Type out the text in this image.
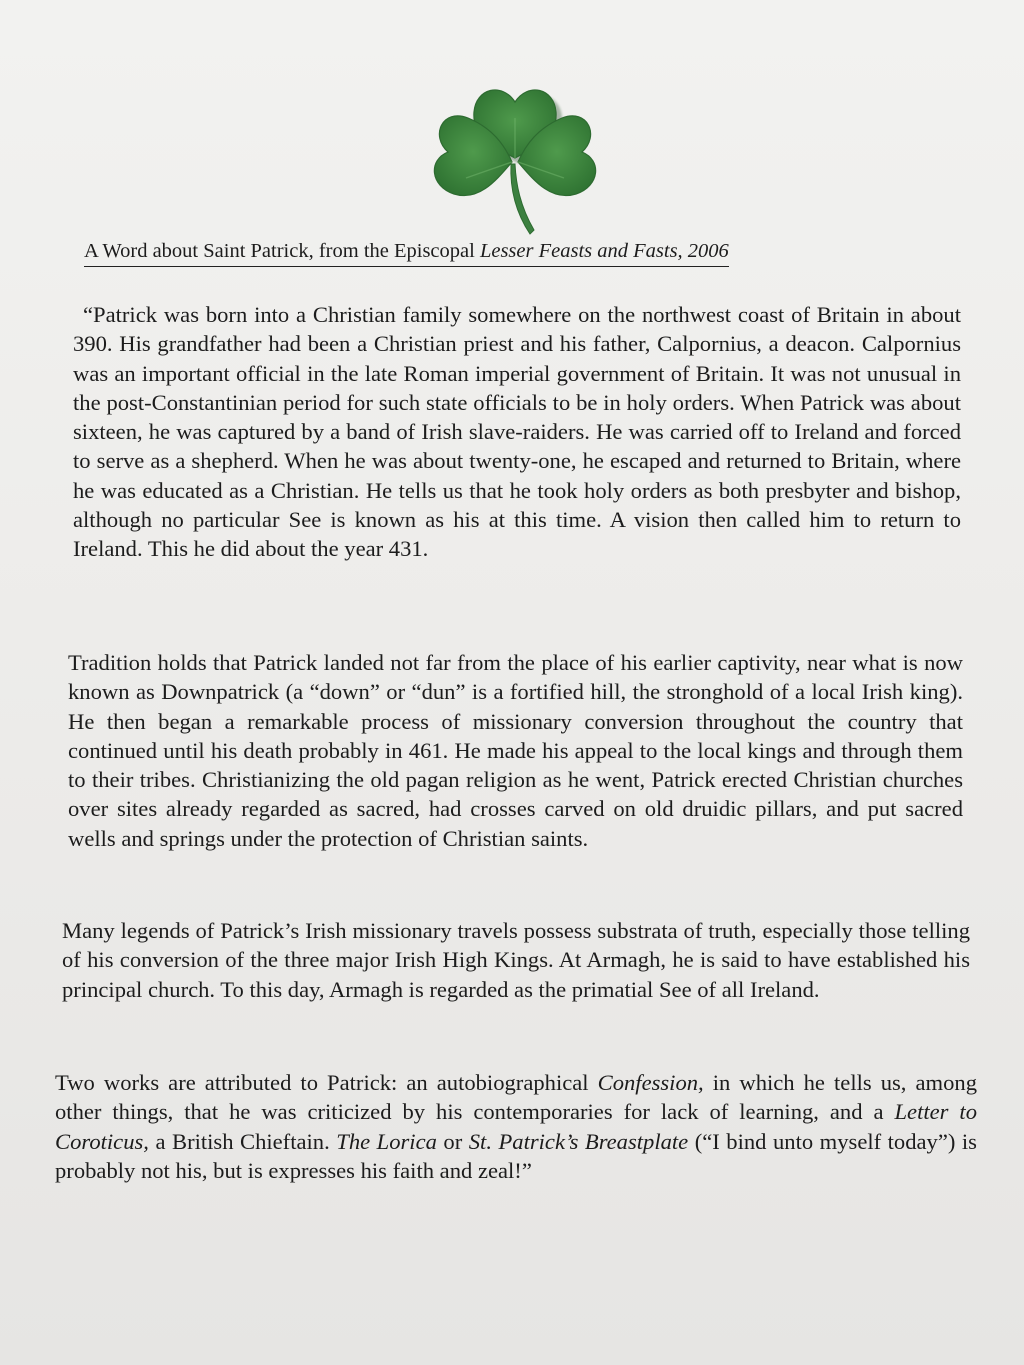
A Word about Saint Patrick, from the Episcopal Lesser Feasts and Fasts, 2006
“Patrick was born into a Christian family somewhere on the northwest coast of Britain in about 390. His grandfather had been a Christian priest and his father, Calpornius, a deacon. Calpornius was an important official in the late Roman imperial government of Britain. It was not unusual in the post-Constantinian period for such state officials to be in holy orders. When Patrick was about sixteen, he was captured by a band of Irish slave-raiders. He was carried off to Ireland and forced to serve as a shepherd. When he was about twenty-one, he escaped and returned to Britain, where he was educated as a Christian. He tells us that he took holy orders as both presbyter and bishop, although no particular See is known as his at this time. A vision then called him to return to Ireland. This he did about the year 431.
Tradition holds that Patrick landed not far from the place of his earlier captivity, near what is now known as Downpatrick (a “down” or “dun” is a fortified hill, the stronghold of a local Irish king). He then began a remarkable process of missionary conversion throughout the country that continued until his death probably in 461. He made his appeal to the local kings and through them to their tribes. Christianizing the old pagan religion as he went, Patrick erected Christian churches over sites already regarded as sacred, had crosses carved on old druidic pillars, and put sacred wells and springs under the protection of Christian saints.
Many legends of Patrick’s Irish missionary travels possess substrata of truth, especially those telling of his conversion of the three major Irish High Kings. At Armagh, he is said to have established his principal church. To this day, Armagh is regarded as the primatial See of all Ireland.
Two works are attributed to Patrick: an autobiographical Confession, in which he tells us, among other things, that he was criticized by his contemporaries for lack of learning, and a Letter to Coroticus, a British Chieftain. The Lorica or St. Patrick’s Breastplate (“I bind unto myself today”) is probably not his, but is expresses his faith and zeal!”
